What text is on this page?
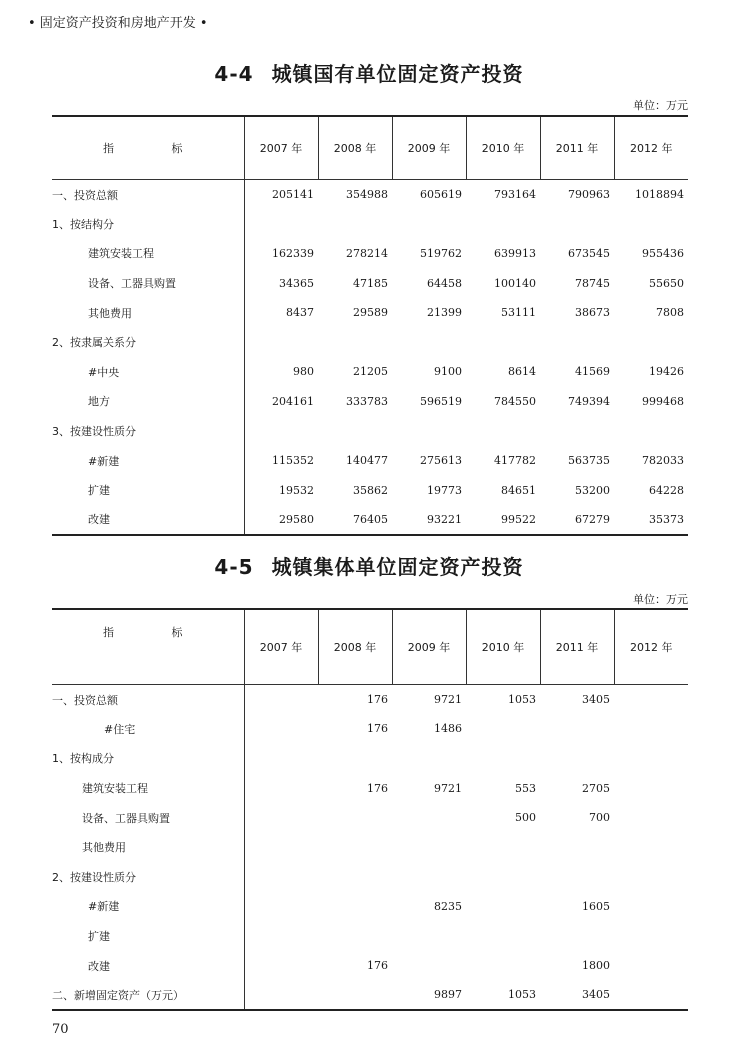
• 固定资产投资和房地产开发 •
4-4 城镇国有单位固定资产投资
单位：万元
指 标	2007 年	2008 年	2009 年	2010 年	2011 年	2012 年
一、投资总额	205141	354988	605619	793164	790963	1018894
1、按结构分						
建筑安装工程	162339	278214	519762	639913	673545	955436
设备、工器具购置	34365	47185	64458	100140	78745	55650
其他费用	8437	29589	21399	53111	38673	7808
2、按隶属关系分						
#中央	980	21205	9100	8614	41569	19426
地方	204161	333783	596519	784550	749394	999468
3、按建设性质分						
#新建	115352	140477	275613	417782	563735	782033
扩建	19532	35862	19773	84651	53200	64228
改建	29580	76405	93221	99522	67279	35373
4-5 城镇集体单位固定资产投资
单位：万元
指 标	2007 年	2008 年	2009 年	2010 年	2011 年	2012 年
一、投资总额		176	9721	1053	3405	
#住宅		176	1486			
1、按构成分						
建筑安装工程		176	9721	553	2705	
设备、工器具购置				500	700	
其他费用						
2、按建设性质分						
#新建			8235		1605	
扩建						
改建		176			1800	
二、新增固定资产（万元）			9897	1053	3405	
70
